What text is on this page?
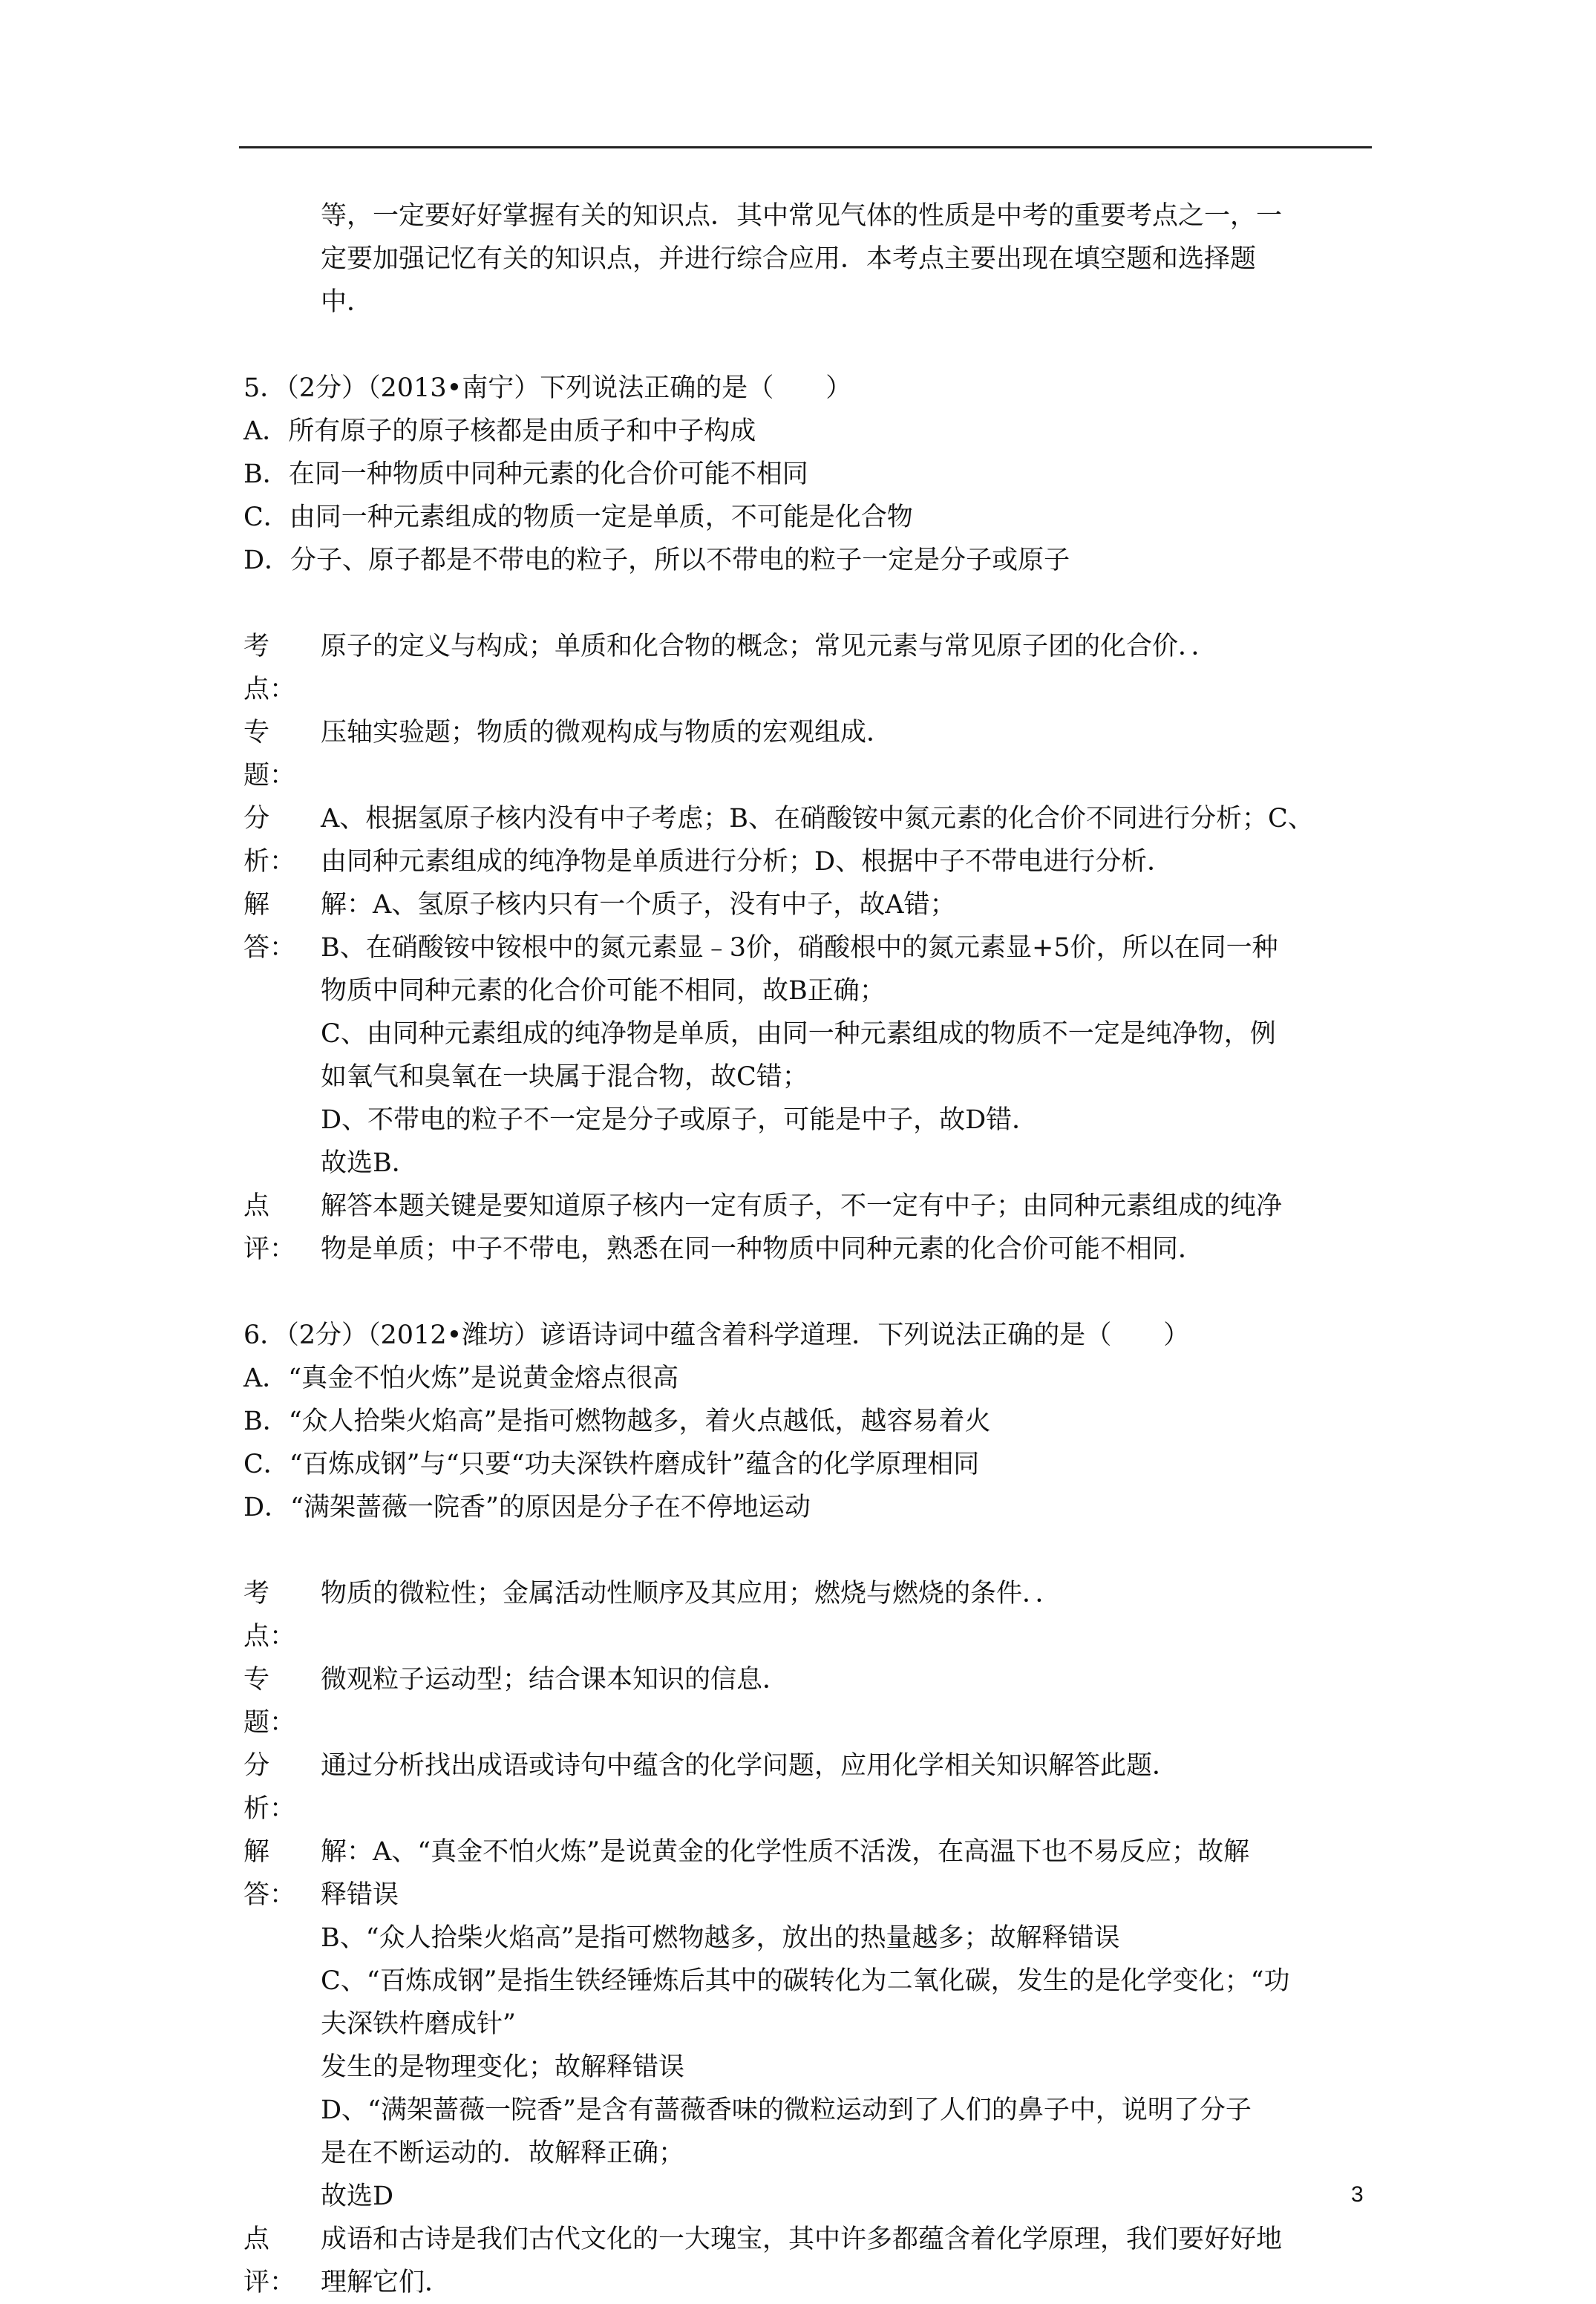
等，一定要好好掌握有关的知识点．其中常见气体的性质是中考的重要考点之一，一
定要加强记忆有关的知识点，并进行综合应用．本考点主要出现在填空题和选择题
中．
5．（2分）（2013•南宁）下列说法正确的是（　　）
A．所有原子的原子核都是由质子和中子构成
B．在同一种物质中同种元素的化合价可能不相同
C．由同一种元素组成的物质一定是单质，不可能是化合物
D．分子、原子都是不带电的粒子，所以不带电的粒子一定是分子或原子
考点：
原子的定义与构成；单质和化合物的概念；常见元素与常见原子团的化合价．．
专题：
压轴实验题；物质的微观构成与物质的宏观组成．
分析：
A、根据氢原子核内没有中子考虑；B、在硝酸铵中氮元素的化合价不同进行分析；C、
由同种元素组成的纯净物是单质进行分析；D、根据中子不带电进行分析．
解答：
解：A、氢原子核内只有一个质子，没有中子，故A错；
B、在硝酸铵中铵根中的氮元素显﹣3价，硝酸根中的氮元素显+5价，所以在同一种
物质中同种元素的化合价可能不相同，故B正确；
C、由同种元素组成的纯净物是单质，由同一种元素组成的物质不一定是纯净物，例
如氧气和臭氧在一块属于混合物，故C错；
D、不带电的粒子不一定是分子或原子，可能是中子，故D错．
故选B．
点评：
解答本题关键是要知道原子核内一定有质子，不一定有中子；由同种元素组成的纯净
物是单质；中子不带电，熟悉在同一种物质中同种元素的化合价可能不相同．
6．（2分）（2012•潍坊）谚语诗词中蕴含着科学道理．下列说法正确的是（　　）
A．“真金不怕火炼”是说黄金熔点很高
B．“众人拾柴火焰高”是指可燃物越多，着火点越低，越容易着火
C．“百炼成钢”与“只要“功夫深铁杵磨成针”蕴含的化学原理相同
D．“满架蔷薇一院香”的原因是分子在不停地运动
考点：
物质的微粒性；金属活动性顺序及其应用；燃烧与燃烧的条件．．
专题：
微观粒子运动型；结合课本知识的信息．
分析：
通过分析找出成语或诗句中蕴含的化学问题，应用化学相关知识解答此题．
解答：
解：A、“真金不怕火炼”是说黄金的化学性质不活泼，在高温下也不易反应；故解
释错误
B、“众人拾柴火焰高”是指可燃物越多，放出的热量越多；故解释错误
C、“百炼成钢”是指生铁经锤炼后其中的碳转化为二氧化碳，发生的是化学变化；“功
夫深铁杵磨成针”
发生的是物理变化；故解释错误
D、“满架蔷薇一院香”是含有蔷薇香味的微粒运动到了人们的鼻子中，说明了分子
是在不断运动的．故解释正确；
故选D
点评：
成语和古诗是我们古代文化的一大瑰宝，其中许多都蕴含着化学原理，我们要好好地
理解它们．
3
